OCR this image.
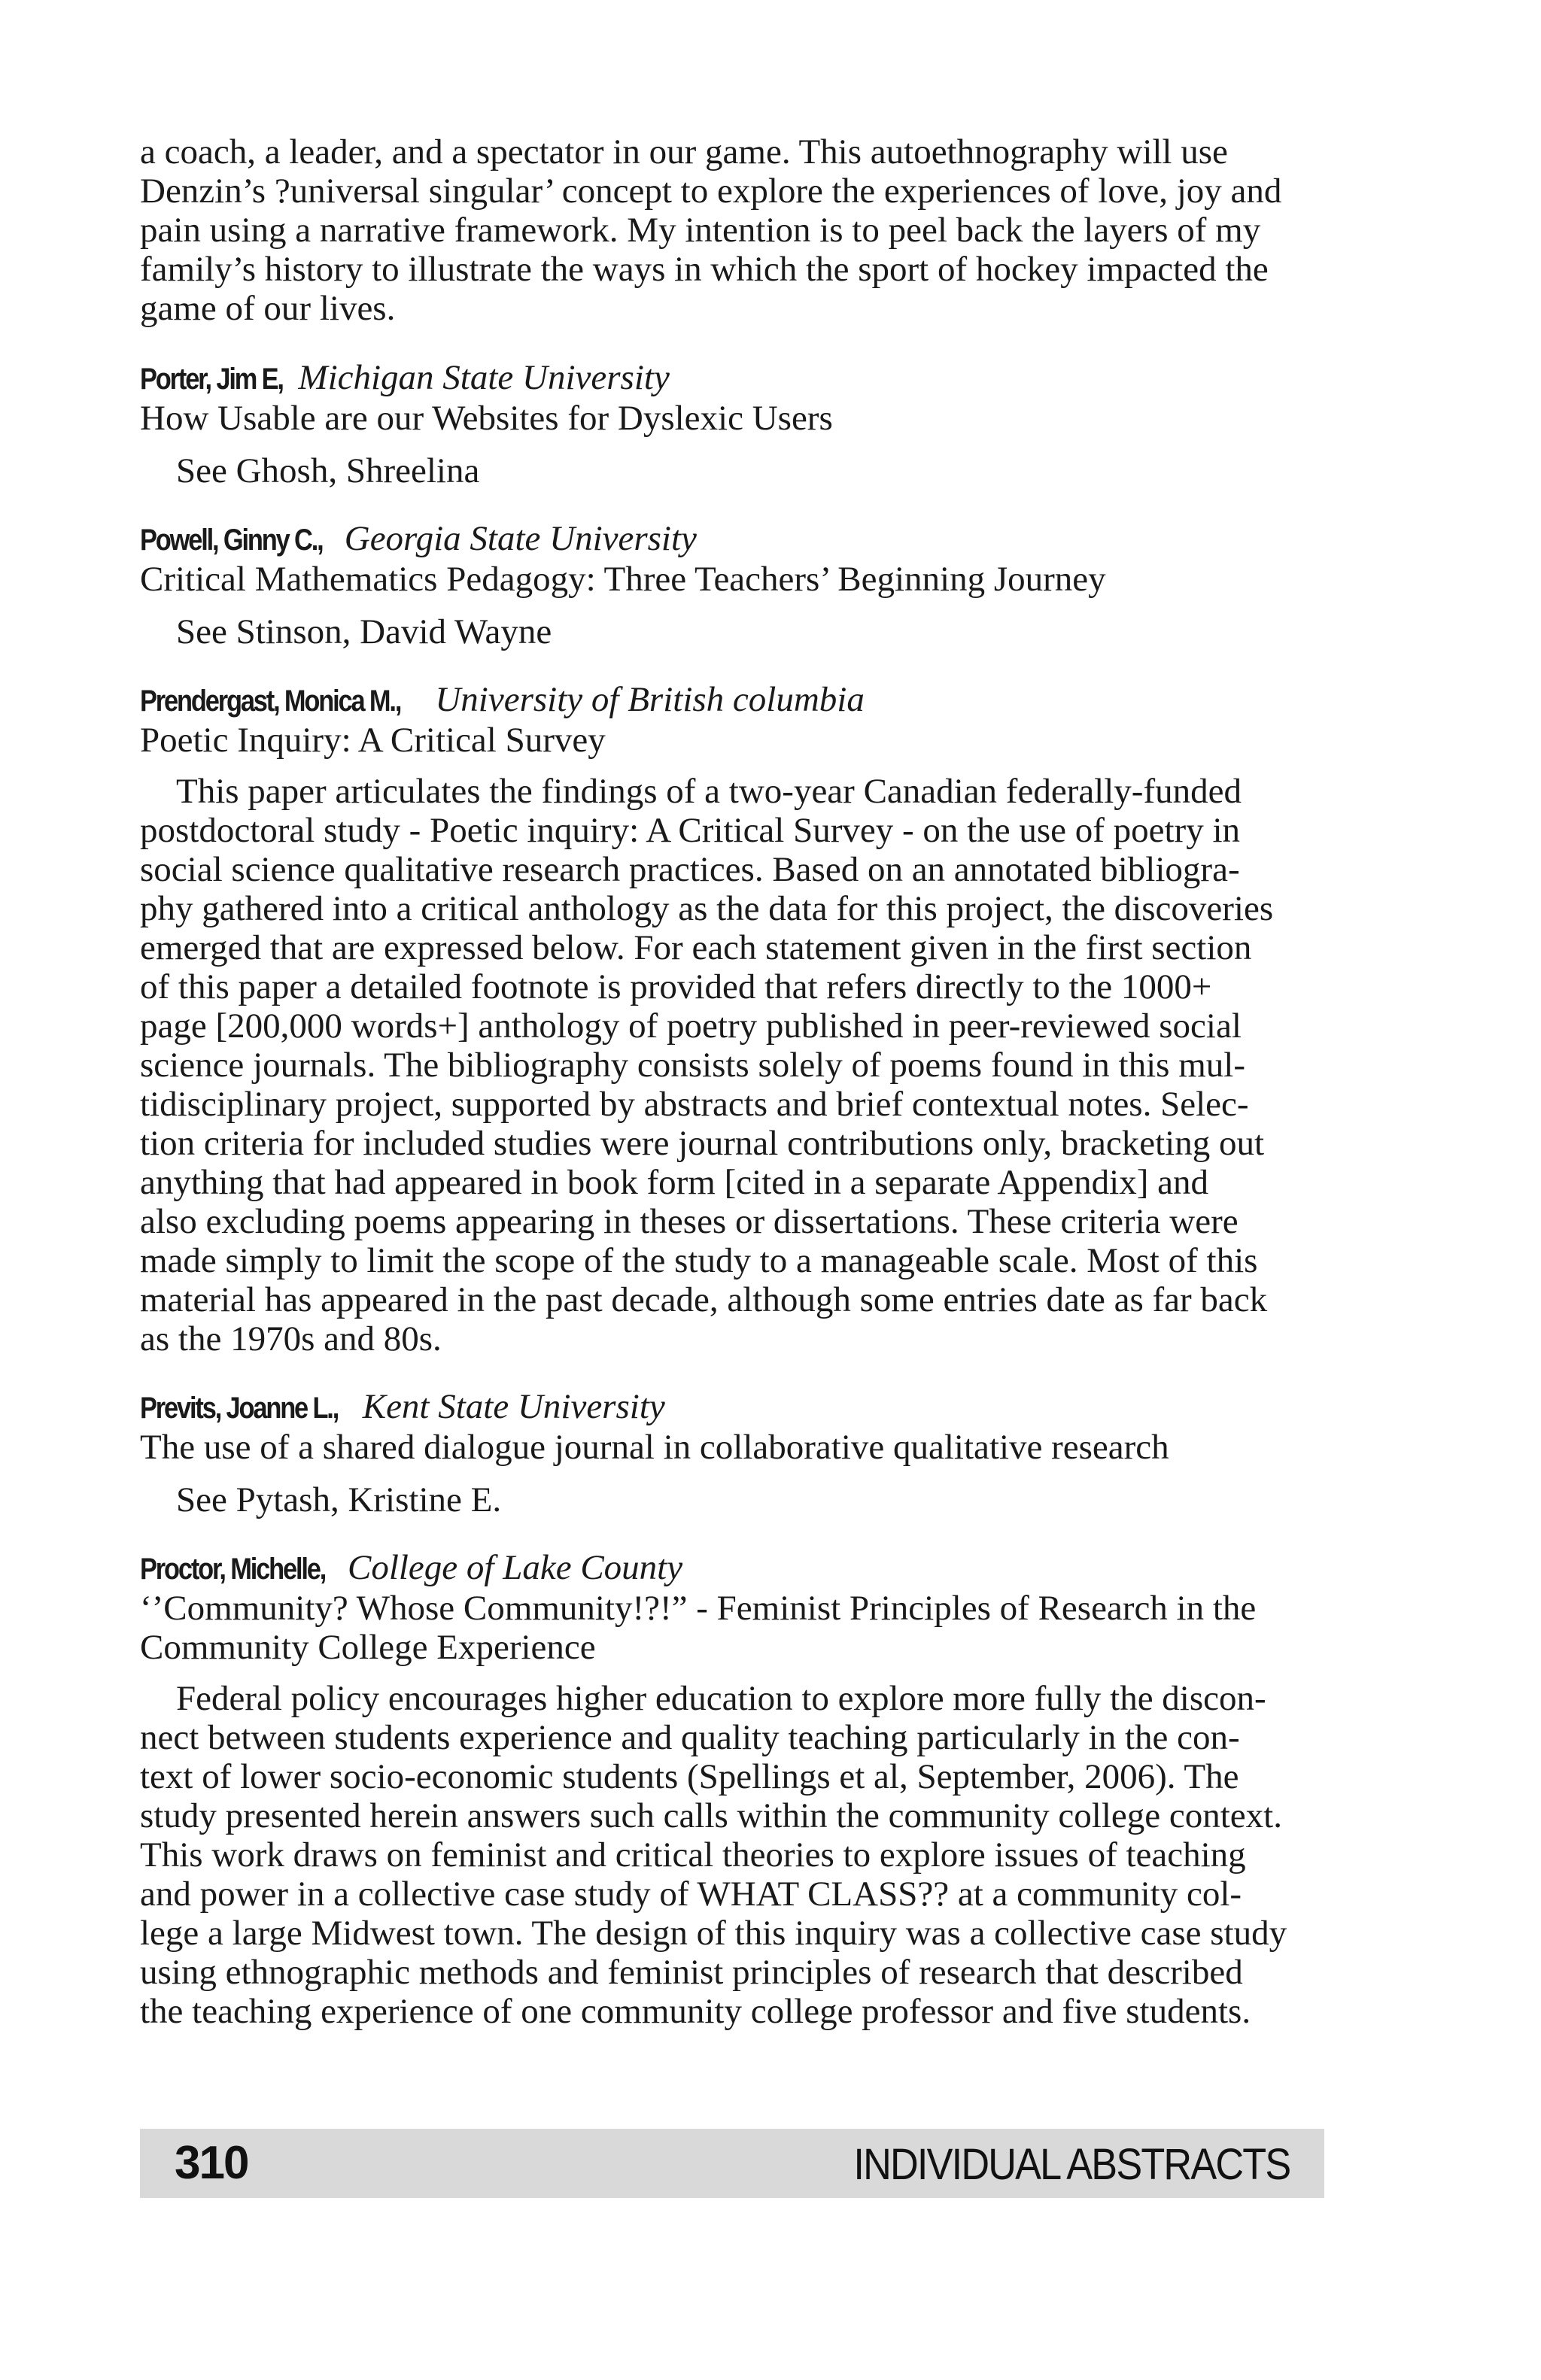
a coach, a leader, and a spectator in our game. This autoethnography will use
Denzin’s ?universal singular’ concept to explore the experiences of love, joy and
pain using a narrative framework. My intention is to peel back the layers of my
family’s history to illustrate the ways in which the sport of hockey impacted the
game of our lives.

Porter, Jim E, Michigan State University

How Usable are our Websites for Dyslexic Users

See Ghosh, Shreelina

Powell, Ginny C., Georgia State University

Critical Mathematics Pedagogy: Three Teachers’ Beginning Journey

See Stinson, David Wayne

Prendergast, Monica M., University of British columbia

Poetic Inquiry: A Critical Survey

This paper articulates the findings of a two-year Canadian federally-funded
postdoctoral study - Poetic inquiry: A Critical Survey - on the use of poetry in
social science qualitative research practices. Based on an annotated bibliogra-
phy gathered into a critical anthology as the data for this project, the discoveries
emerged that are expressed below. For each statement given in the first section
of this paper a detailed footnote is provided that refers directly to the 1000+
page [200,000 words+] anthology of poetry published in peer-reviewed social
science journals. The bibliography consists solely of poems found in this mul-
tidisciplinary project, supported by abstracts and brief contextual notes. Selec-
tion criteria for included studies were journal contributions only, bracketing out
anything that had appeared in book form [cited in a separate Appendix] and
also excluding poems appearing in theses or dissertations. These criteria were
made simply to limit the scope of the study to a manageable scale. Most of this
material has appeared in the past decade, although some entries date as far back
as the 1970s and 80s.

Previts, Joanne L., Kent State University

The use of a shared dialogue journal in collaborative qualitative research

See Pytash, Kristine E.

Proctor, Michelle, College of Lake County

‘’Community? Whose Community!?!” - Feminist Principles of Research in the
Community College Experience
Federal policy encourages higher education to explore more fully the discon-
nect between students experience and quality teaching particularly in the con-
text of lower socio-economic students (Spellings et al, September, 2006). The
study presented herein answers such calls within the community college context.
This work draws on feminist and critical theories to explore issues of teaching
and power in a collective case study of WHAT CLASS?? at a community col-
lege a large Midwest town. The design of this inquiry was a collective case study
using ethnographic methods and feminist principles of research that described
the teaching experience of one community college professor and five students.
310	INDIVIDUAL ABSTRACTS
